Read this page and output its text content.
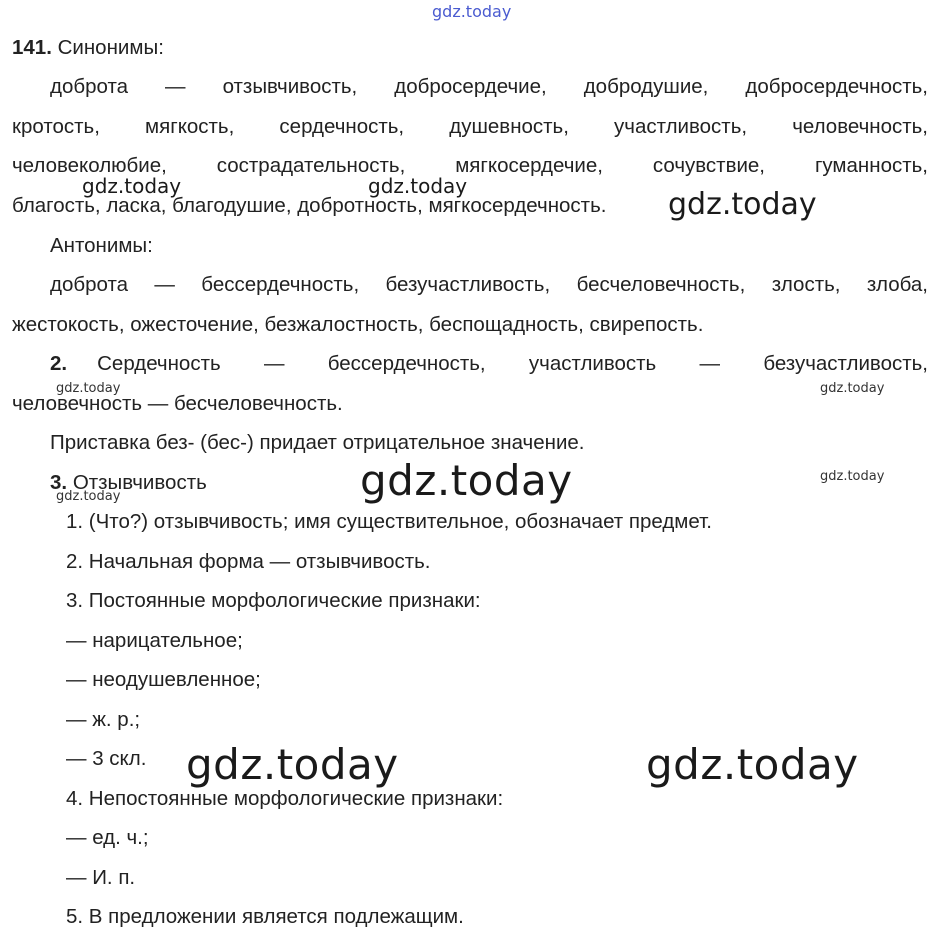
gdz.today
141. Синонимы:
доброта — отзывчивость, добросердечие, добродушие, добросердечность,
кротость, мягкость, сердечность, душевность, участливость, человечность,
человеколюбие, сострадательность, мягкосердечие, сочувствие, гуманность,
благость, ласка, благодушие, добротность, мягкосердечность.
gdz.today	gdz.today
gdz.today
Антонимы:
доброта — бессердечность, безучастливость, бесчеловечность, злость, злоба,
жестокость, ожесточение, безжалостность, беспощадность, свирепость.
2. Сердечность — бессердечность, участливость — безучастливость,
человечность — бесчеловечность.
gdz.today	gdz.today
Приставка без- (бес-) придает отрицательное значение.
3. Отзывчивость
gdz.today
gdz.today
gdz.today
1. (Что?) отзывчивость; имя существительное, обозначает предмет.
2. Начальная форма — отзывчивость.
3. Постоянные морфологические признаки:
— нарицательное;
— неодушевленное;
— ж. р.;
— 3 скл.
4. Непостоянные морфологические признаки:
— ед. ч.;
— И. п.
5. В предложении является подлежащим.
gdz.today	gdz.today
